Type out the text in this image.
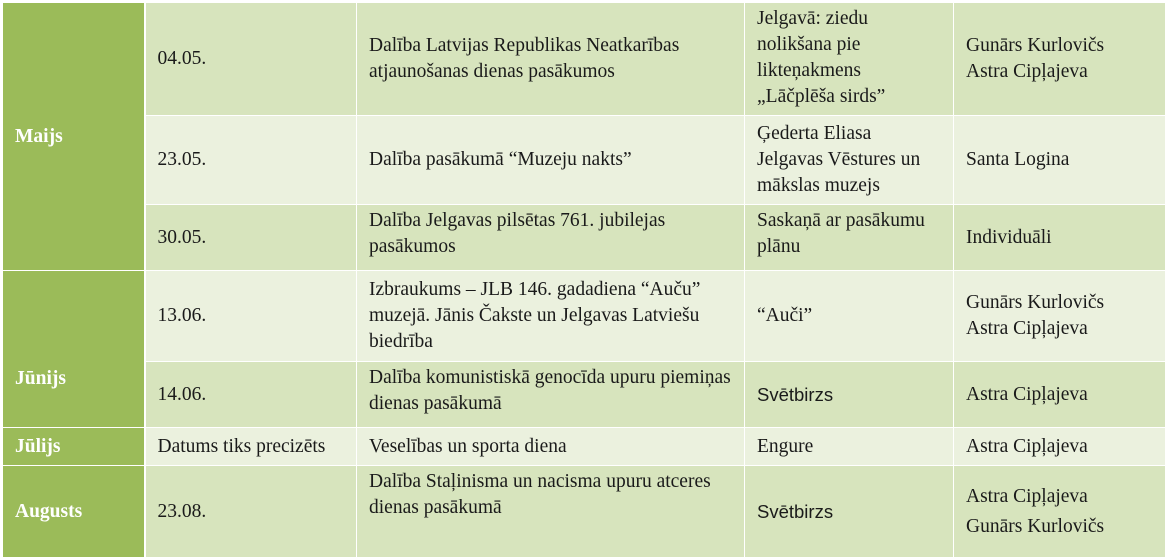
Maijs	04.05.	Dalība Latvijas Republikas Neatkarības atjaunošanas dienas pasākumos	Jelgavā: ziedu nolikšana pie likteņakmens „Lāčplēša sirds”	Gunārs Kurlovičs
Astra Cipļajeva

	23.05.	Dalība pasākumā “Muzeju nakts”	Ģederta Eliasa Jelgavas Vēstures un mākslas muzejs	Santa Logina

	30.05.	Dalība Jelgavas pilsētas 761. jubilejas pasākumos	Saskaņā ar pasākumu plānu	Individuāli

Jūnijs	13.06.	Izbraukums – JLB 146. gadadiena “Auču” muzejā. Jānis Čakste un Jelgavas Latviešu biedrība	“Auči”	Gunārs Kurlovičs
Astra Cipļajeva

	14.06.	Dalība komunistiskā genocīda upuru piemiņas dienas pasākumā	Svētbirzs	Astra Cipļajeva

Jūlijs	Datums tiks precizēts	Veselības un sporta diena	Engure	Astra Cipļajeva

Augusts	23.08.	Dalība Staļinisma un nacisma upuru atceres dienas pasākumā	Svētbirzs	Astra Cipļajeva
Gunārs Kurlovičs
